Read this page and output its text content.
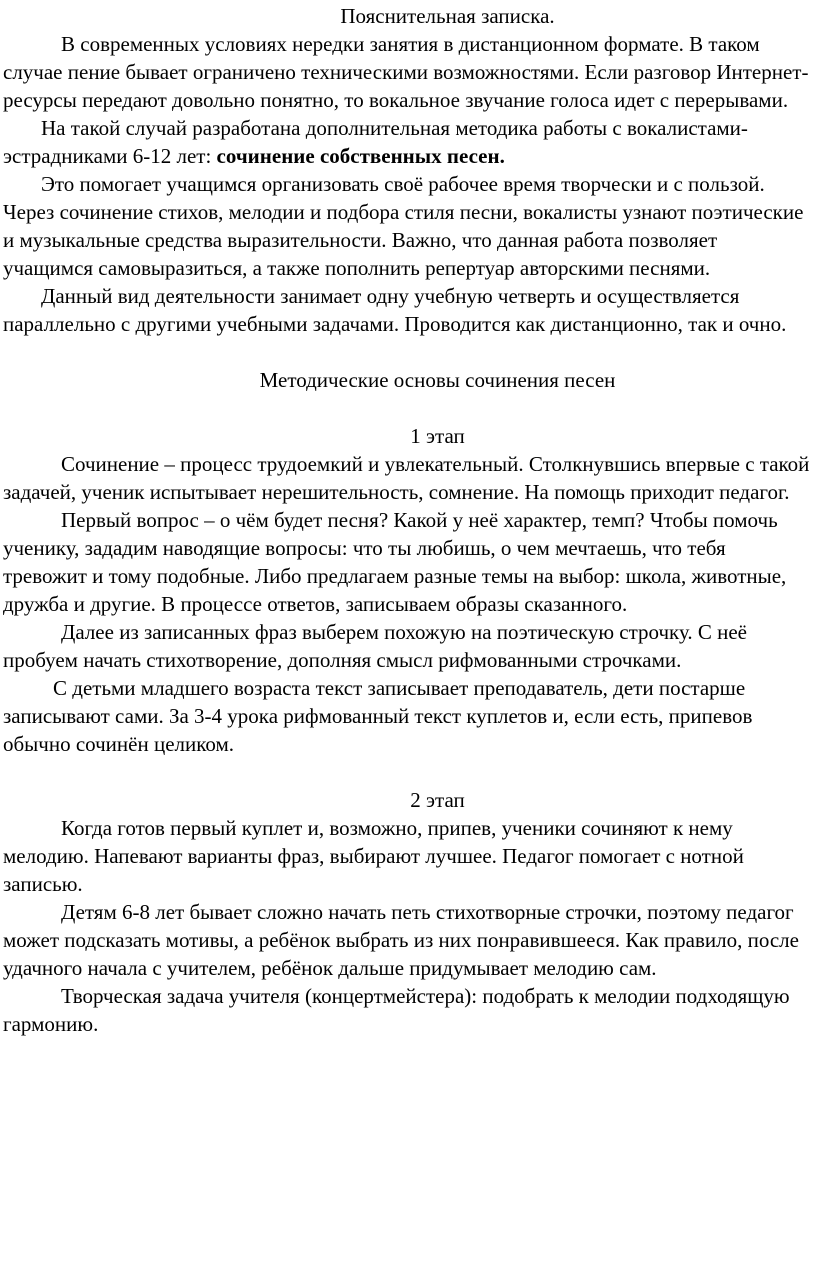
Пояснительная записка.

В современных условиях нередки занятия в дистанционном формате. В таком случае пение бывает ограничено техническими возможностями. Если разговор Интернет-ресурсы передают довольно понятно, то вокальное звучание голоса идет с перерывами.

На такой случай разработана дополнительная методика работы с вокалистами-эстрадниками 6-12 лет: сочинение собственных песен.

Это помогает учащимся организовать своё рабочее время творчески и с пользой. Через сочинение стихов, мелодии и подбора стиля песни, вокалисты узнают поэтические и музыкальные средства выразительности. Важно, что данная работа позволяет учащимся самовыразиться, а также пополнить репертуар авторскими песнями.

Данный вид деятельности занимает одну учебную четверть и осуществляется параллельно с другими учебными задачами. Проводится как дистанционно, так и очно.

Методические основы сочинения песен

1 этап

Сочинение – процесс трудоемкий и увлекательный. Столкнувшись впервые с такой задачей, ученик испытывает нерешительность, сомнение. На помощь приходит педагог.

Первый вопрос – о чём будет песня? Какой у неё характер, темп? Чтобы помочь ученику, зададим наводящие вопросы: что ты любишь, о чем мечтаешь, что тебя тревожит и тому подобные. Либо предлагаем разные темы на выбор: школа, животные, дружба и другие. В процессе ответов, записываем образы сказанного.

Далее из записанных фраз выберем похожую на поэтическую строчку. С неё пробуем начать стихотворение, дополняя смысл рифмованными строчками.

С детьми младшего возраста текст записывает преподаватель, дети постарше записывают сами. За 3-4 урока рифмованный текст куплетов и, если есть, припевов обычно сочинён целиком.

2 этап

Когда готов первый куплет и, возможно, припев, ученики сочиняют к нему мелодию. Напевают варианты фраз, выбирают лучшее. Педагог помогает с нотной записью.

Детям 6-8 лет бывает сложно начать петь стихотворные строчки, поэтому педагог может подсказать мотивы, а ребёнок выбрать из них понравившееся. Как правило, после удачного начала с учителем, ребёнок дальше придумывает мелодию сам.

Творческая задача учителя (концертмейстера): подобрать к мелодии подходящую гармонию.
